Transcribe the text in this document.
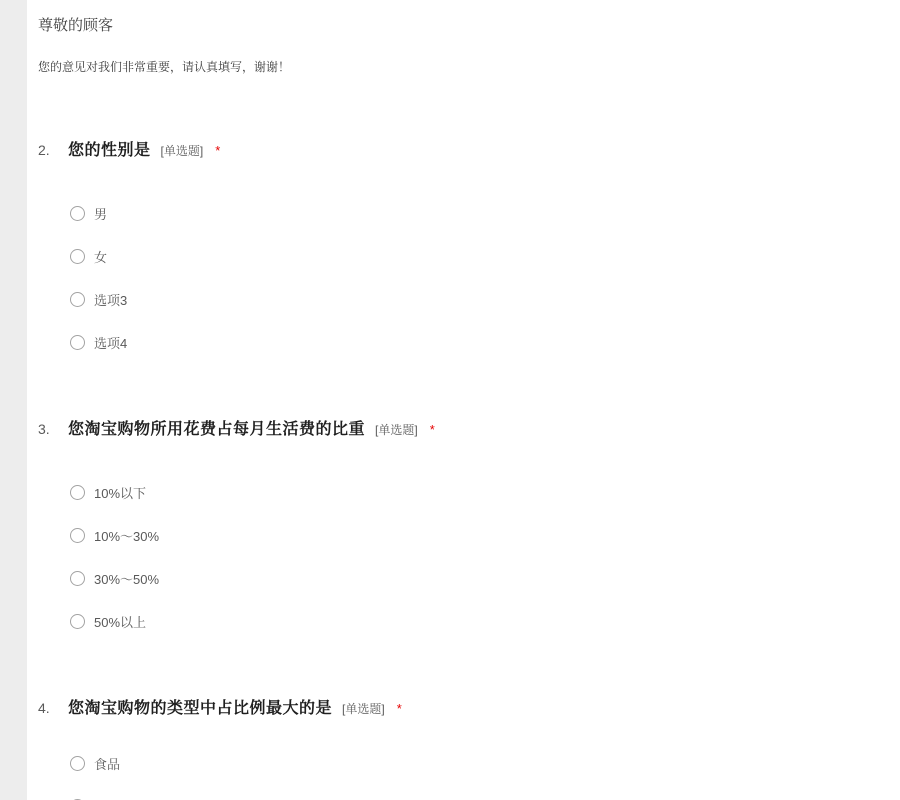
尊敬的顾客
您的意见对我们非常重要，请认真填写，谢谢！
2.	您的性别是 [单选题] *
男
女
选项3
选项4
3.	您淘宝购物所用花费占每月生活费的比重 [单选题] *
10%以下
10%～30%
30%～50%
50%以上
4.	您淘宝购物的类型中占比例最大的是 [单选题] *
食品
